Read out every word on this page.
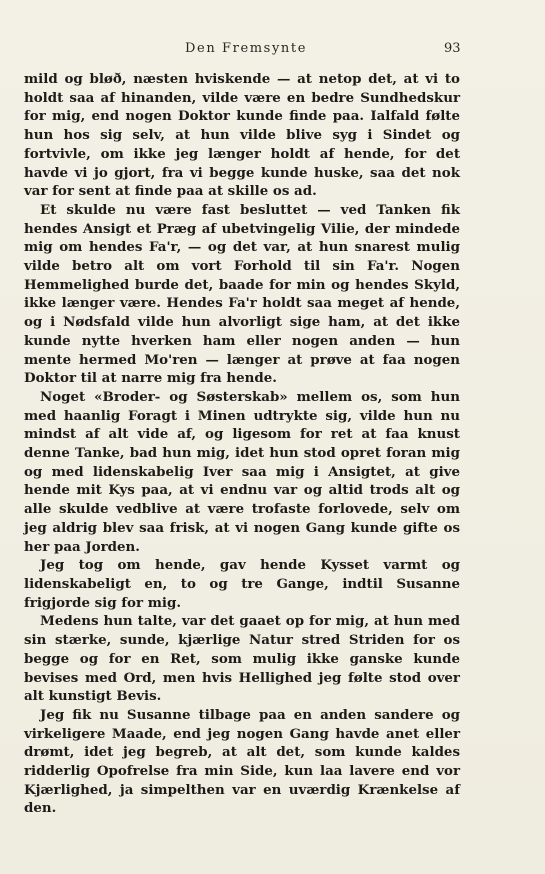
Den Fremsynte	93

mild og bløð, næsten hviskende — at netop det, at vi to holdt saa af hinanden, vilde være en bedre Sundhedskur for mig, end nogen Doktor kunde finde paa. Ialfald følte hun hos sig selv, at hun vilde blive syg i Sindet og fortvivle, om ikke jeg længer holdt af hende, for det havde vi jo gjort, fra vi begge kunde huske, saa det nok var for sent at finde paa at skille os ad.

Et skulde nu være fast besluttet — ved Tanken fik hendes Ansigt et Præg af ubetvingelig Vilie, der mindede mig om hendes Fa'r, — og det var, at hun snarest mulig vilde betro alt om vort Forhold til sin Fa'r. Nogen Hemmelighed burde det, baade for min og hendes Skyld, ikke længer være. Hendes Fa'r holdt saa meget af hende, og i Nødsfald vilde hun alvorligt sige ham, at det ikke kunde nytte hverken ham eller nogen anden — hun mente hermed Mo'ren — længer at prøve at faa nogen Doktor til at narre mig fra hende.

Noget «Broder- og Søsterskab» mellem os, som hun med haanlig Foragt i Minen udtrykte sig, vilde hun nu mindst af alt vide af, og ligesom for ret at faa knust denne Tanke, bad hun mig, idet hun stod opret foran mig og med lidenskabelig Iver saa mig i Ansigtet, at give hende mit Kys paa, at vi endnu var og altid trods alt og alle skulde vedblive at være trofaste forlovede, selv om jeg aldrig blev saa frisk, at vi nogen Gang kunde gifte os her paa Jorden.

Jeg tog om hende, gav hende Kysset varmt og lidenskabeligt en, to og tre Gange, indtil Susanne frigjorde sig for mig.

Medens hun talte, var det gaaet op for mig, at hun med sin stærke, sunde, kjærlige Natur stred Striden for os begge og for en Ret, som mulig ikke ganske kunde bevises med Ord, men hvis Hellighed jeg følte stod over alt kunstigt Bevis.

Jeg fik nu Susanne tilbage paa en anden sandere og virkeligere Maade, end jeg nogen Gang havde anet eller drømt, idet jeg begreb, at alt det, som kunde kaldes ridderlig Opofrelse fra min Side, kun laa lavere end vor Kjærlighed, ja simpelthen var en uværdig Krænkelse af den.
